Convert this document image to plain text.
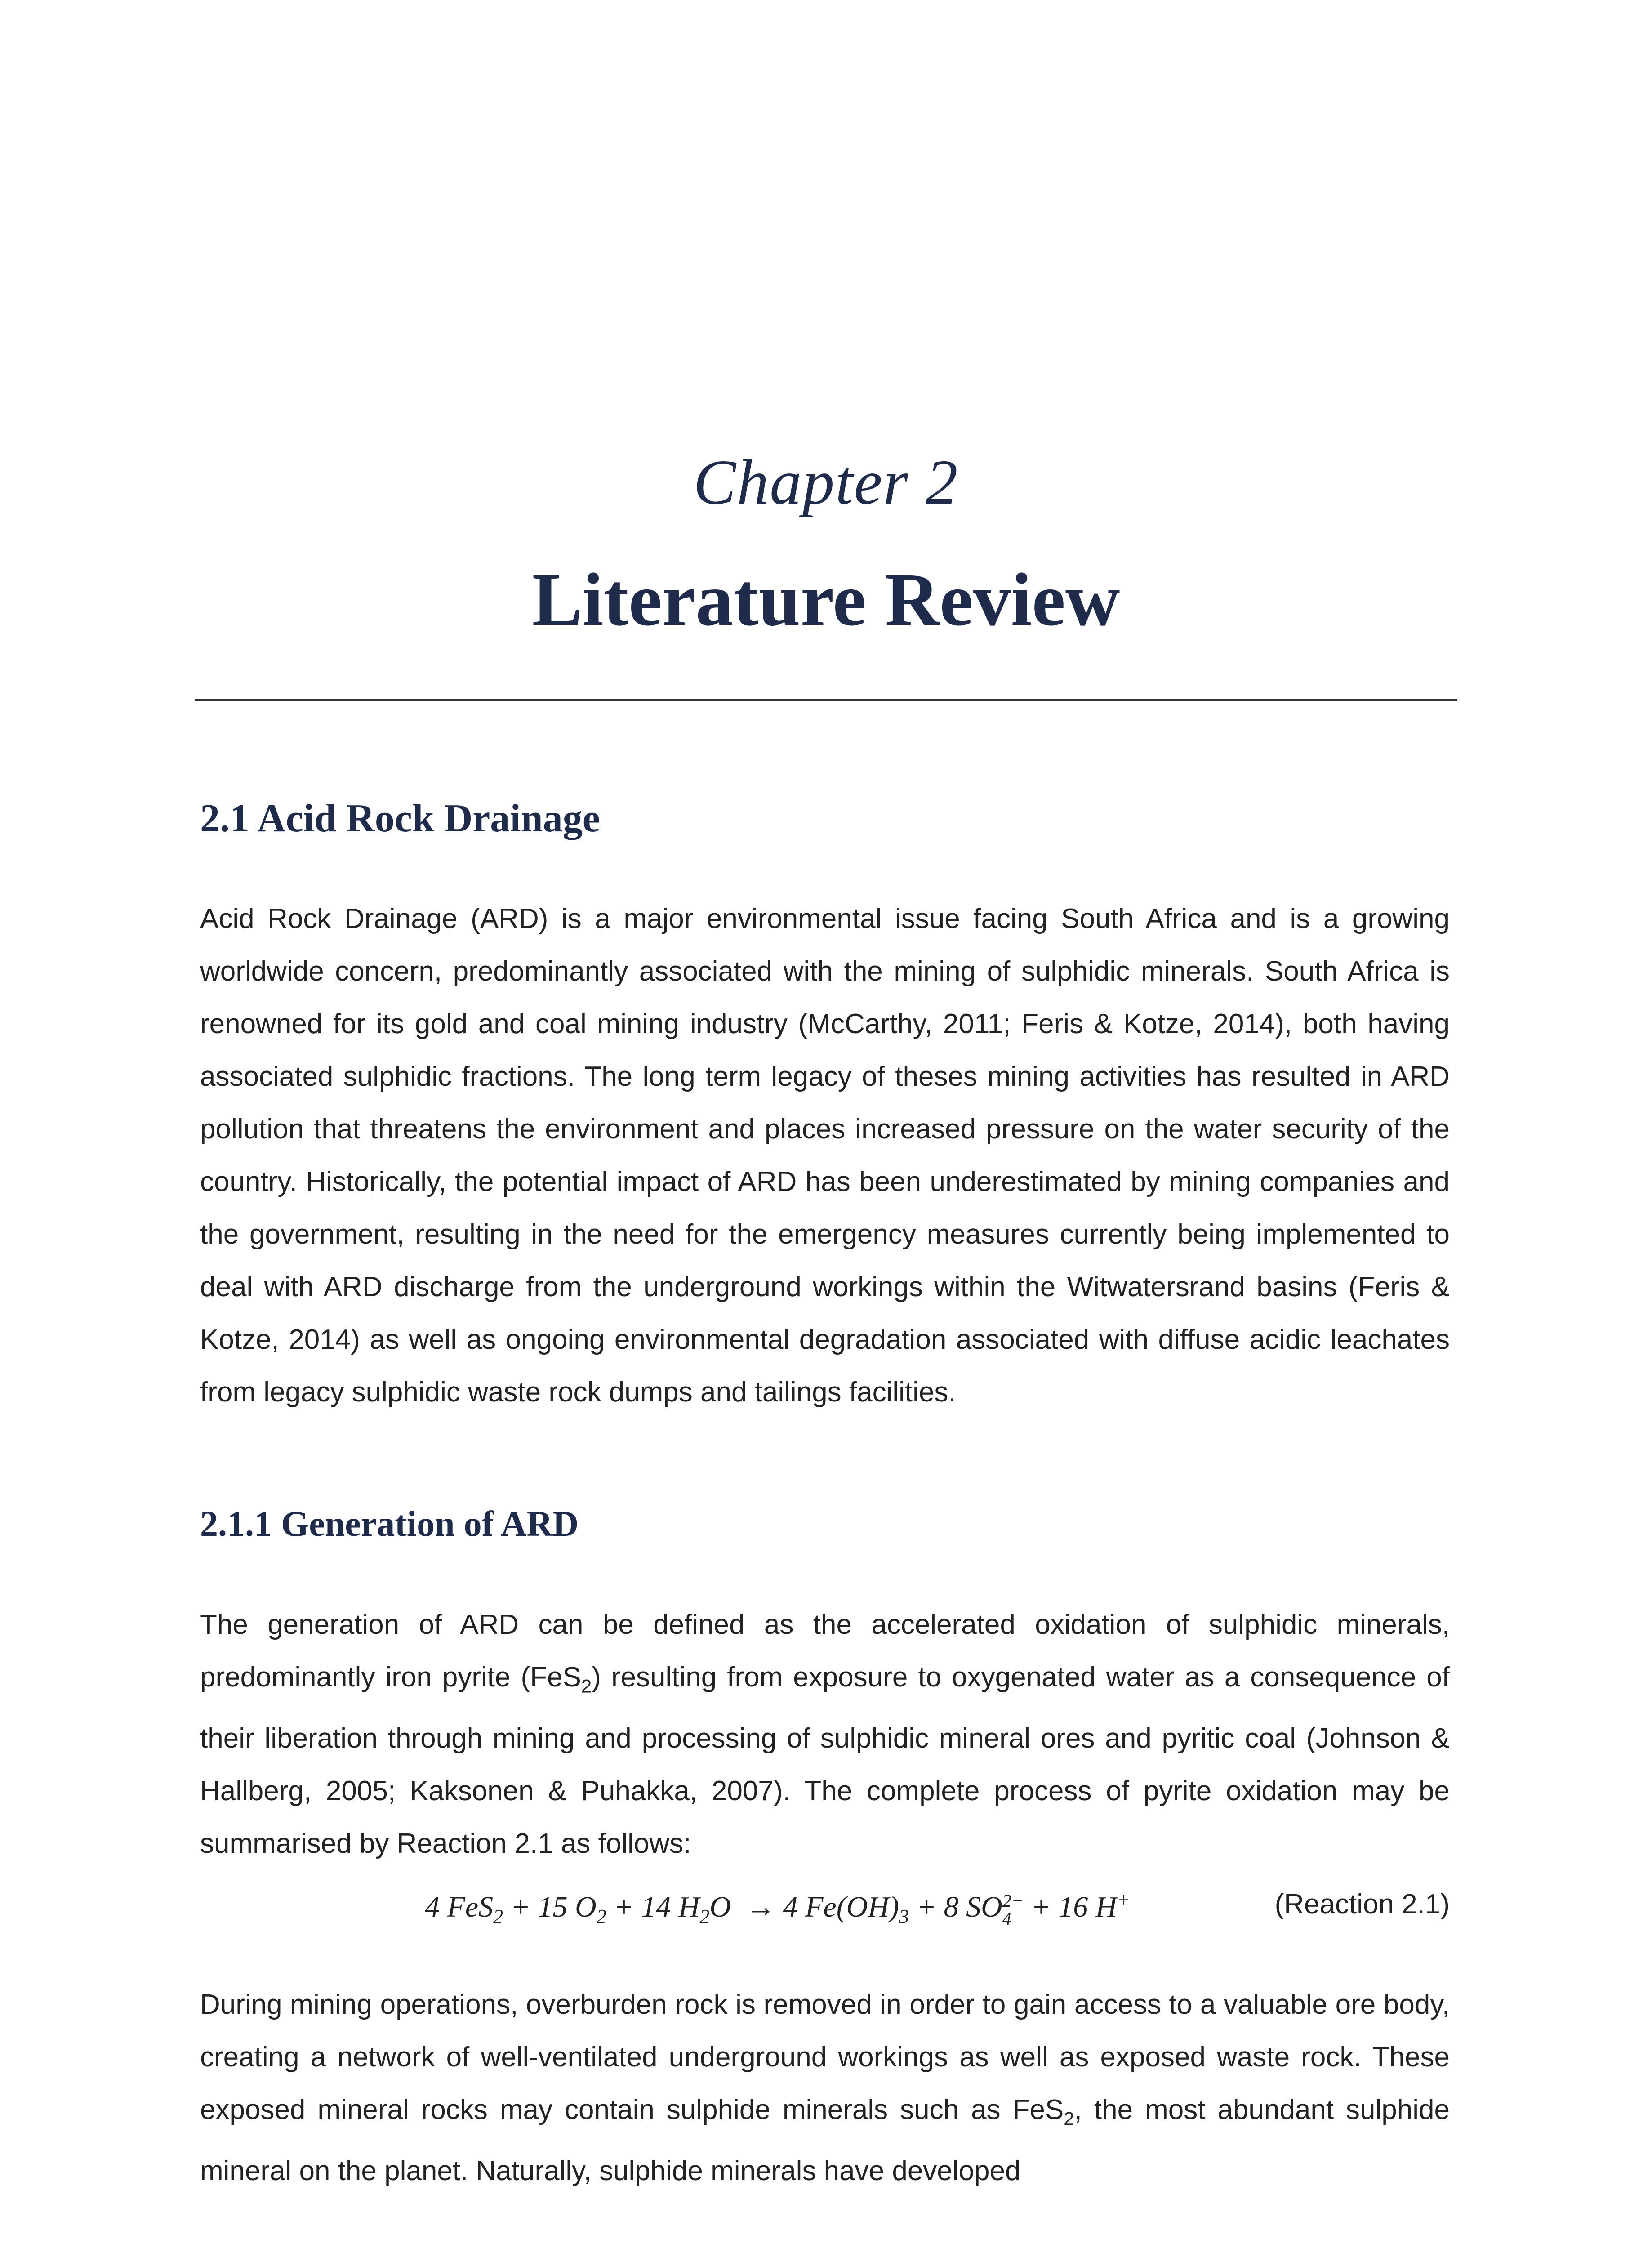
Chapter 2
Literature Review
2.1 Acid Rock Drainage

Acid Rock Drainage (ARD) is a major environmental issue facing South Africa and is a growing worldwide concern, predominantly associated with the mining of sulphidic minerals. South Africa is renowned for its gold and coal mining industry (McCarthy, 2011; Feris & Kotze, 2014), both having associated sulphidic fractions. The long term legacy of theses mining activities has resulted in ARD pollution that threatens the environment and places increased pressure on the water security of the country. Historically, the potential impact of ARD has been underestimated by mining companies and the government, resulting in the need for the emergency measures currently being implemented to deal with ARD discharge from the underground workings within the Witwatersrand basins (Feris & Kotze, 2014) as well as ongoing environmental degradation associated with diffuse acidic leachates from legacy sulphidic waste rock dumps and tailings facilities.

2.1.1 Generation of ARD

The generation of ARD can be defined as the accelerated oxidation of sulphidic minerals, predominantly iron pyrite (FeS$_2$) resulting from exposure to oxygenated water as a consequence of their liberation through mining and processing of sulphidic mineral ores and pyritic coal (Johnson & Hallberg, 2005; Kaksonen & Puhakka, 2007). The complete process of pyrite oxidation may be summarised by Reaction 2.1 as follows:

4 FeS$_2$ + 15 $O_2 + 14$ $H_2O \to 4$ $Fe(OH)_3 + 8$ SO 2−
4 + 16 H+	(Reaction 2.1)

During mining operations, overburden rock is removed in order to gain access to a valuable ore body, creating a network of well-ventilated underground workings as well as exposed waste rock. These exposed mineral rocks may contain sulphide minerals such as FeS$_2$, the most abundant sulphide mineral on the planet. Naturally, sulphide minerals have developed
